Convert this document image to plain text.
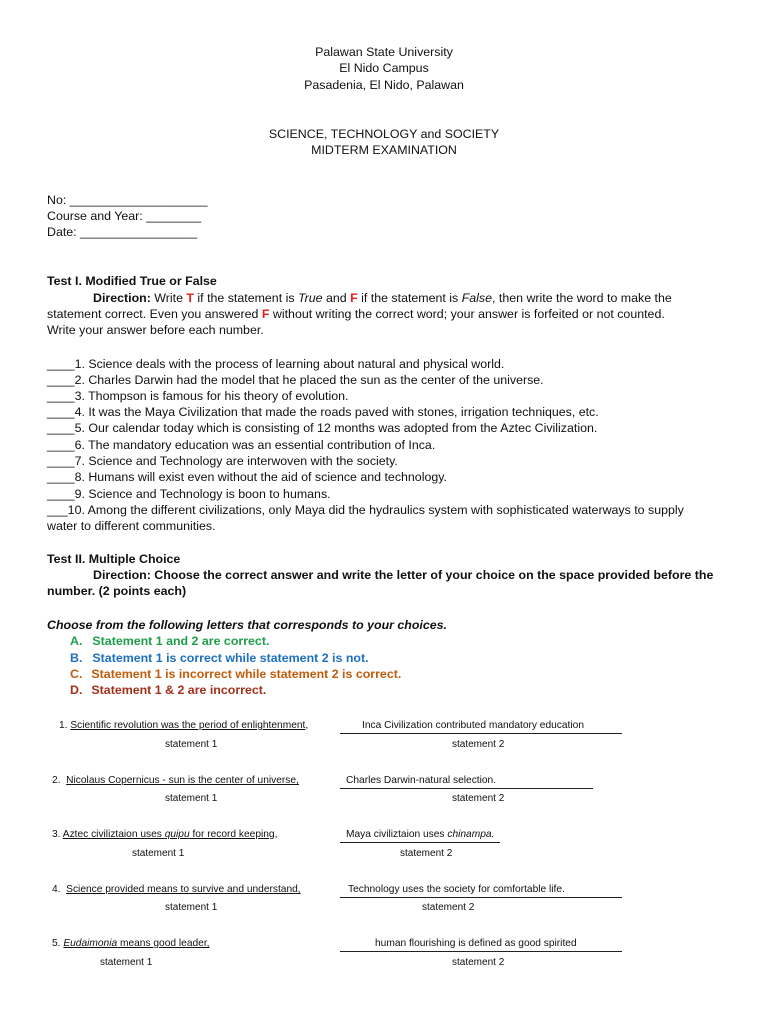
Palawan State University
El Nido Campus
Pasadenia, El Nido, Palawan
SCIENCE, TECHNOLOGY and SOCIETY
MIDTERM EXAMINATION
No: ____________________
Course and Year: ________
Date: _________________
Test I. Modified True or False
Direction: Write T if the statement is True and F if the statement is False, then write the word to make the
statement correct. Even you answered F without writing the correct word; your answer is forfeited or not counted.
Write your answer before each number.
____1. Science deals with the process of learning about natural and physical world.
____2. Charles Darwin had the model that he placed the sun as the center of the universe.
____3. Thompson is famous for his theory of evolution.
____4. It was the Maya Civilization that made the roads paved with stones, irrigation techniques, etc.
____5. Our calendar today which is consisting of 12 months was adopted from the Aztec Civilization.
____6. The mandatory education was an essential contribution of Inca.
____7. Science and Technology are interwoven with the society.
____8. Humans will exist even without the aid of science and technology.
____9. Science and Technology is boon to humans.
___10. Among the different civilizations, only Maya did the hydraulics system with sophisticated waterways to supply
water to different communities.
Test II. Multiple Choice
Direction: Choose the correct answer and write the letter of your choice on the space provided before the
number. (2 points each)
Choose from the following letters that corresponds to your choices.
A. Statement 1 and 2 are correct.
B. Statement 1 is correct while statement 2 is not.
C. Statement 1 is incorrect while statement 2 is correct.
D. Statement 1 & 2 are incorrect.
1. Scientific revolution was the period of enlightenment,	Inca Civilization contributed mandatory education
statement 1	statement 2
2. Nicolaus Copernicus - sun is the center of universe,	Charles Darwin-natural selection.
statement 1	statement 2
3. Aztec civiliztaion uses quipu for record keeping,	Maya civiliztaion uses chinampa.
statement 1	statement 2
4. Science provided means to survive and understand,	Technology uses the society for comfortable life.
statement 1	statement 2
5. Eudaimonia means good leader,	human flourishing is defined as good spirited
statement 1	statement 2
